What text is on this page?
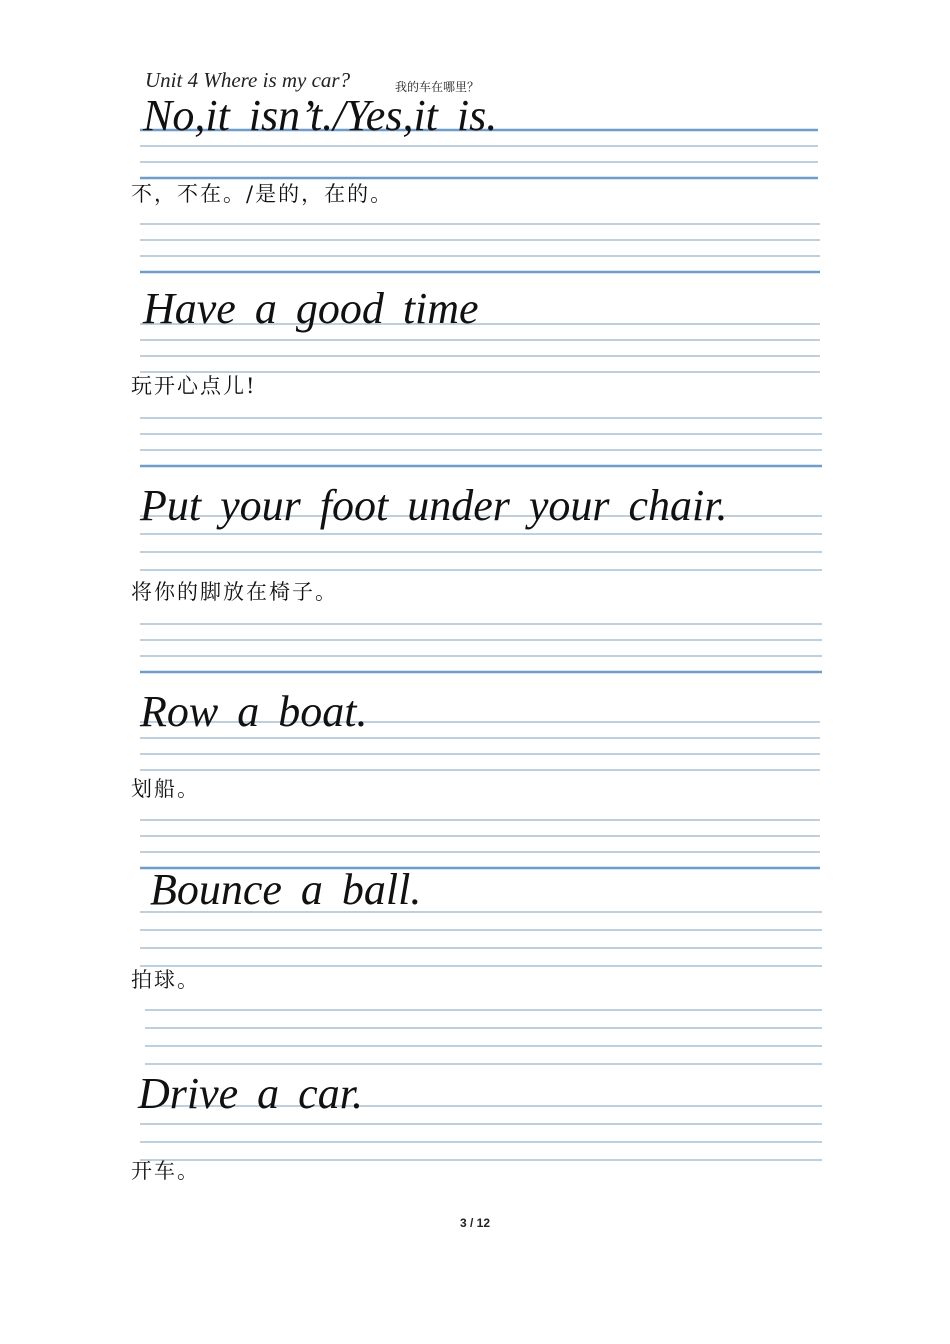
Unit 4 Where is my car?	我的车在哪里？
No,it isn’t./Yes,it is.
不，不在。/是的，在的。
Have a good time
玩开心点儿!
Put your foot under your chair.
将你的脚放在椅子。
Row a boat.
划船。
Bounce a ball.
拍球。
Drive a car.
开车。
3 / 12
